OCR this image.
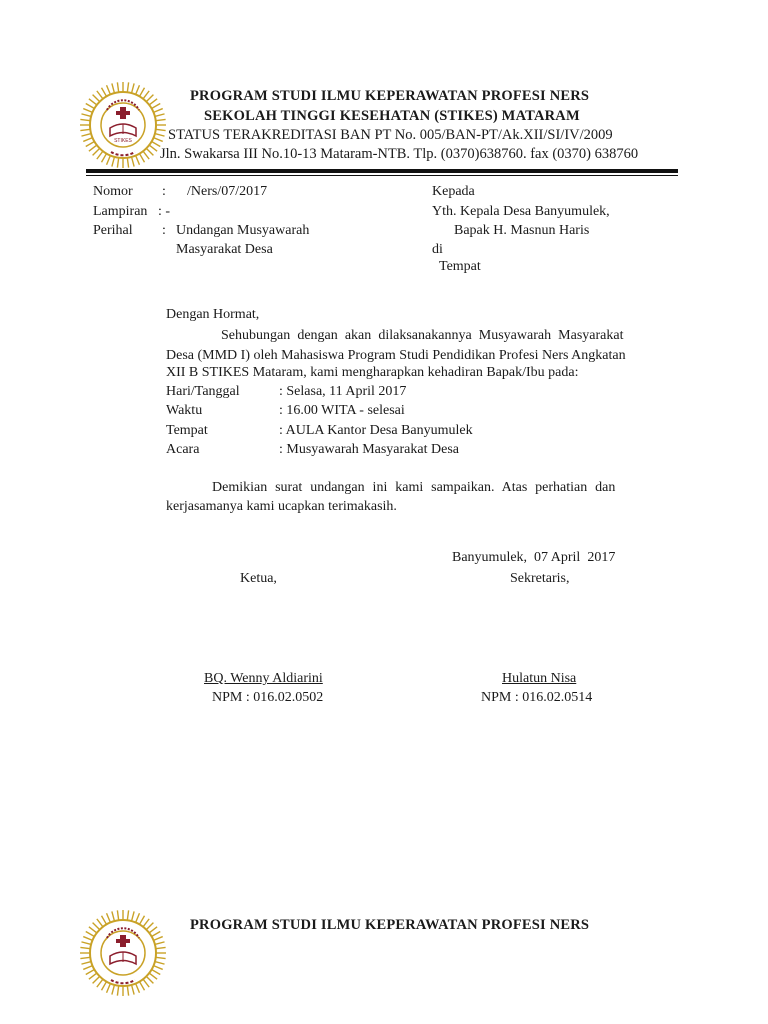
STIKES
PROGRAM STUDI ILMU KEPERAWATAN PROFESI NERS
SEKOLAH TINGGI KESEHATAN (STIKES) MATARAM
STATUS TERAKREDITASI BAN PT No. 005/BAN-PT/Ak.XII/SI/IV/2009
Jln. Swakarsa III No.10-13 Mataram-NTB. Tlp. (0370)638760. fax (0370) 638760
Nomor : /Ners/07/2017
Lampiran : -
Perihal : Undangan Musyawarah
Masyarakat Desa
Kepada
Yth. Kepala Desa Banyumulek,
Bapak H. Masnun Haris
di
Tempat
Dengan Hormat,
Sehubungan dengan akan dilaksanakannya Musyawarah Masyarakat
Desa (MMD I) oleh Mahasiswa Program Studi Pendidikan Profesi Ners Angkatan
XII B STIKES Mataram, kami mengharapkan kehadiran Bapak/Ibu pada:
Hari/Tanggal	: Selasa, 11 April 2017
Waktu	: 16.00 WITA - selesai
Tempat	: AULA Kantor Desa Banyumulek
Acara	: Musyawarah Masyarakat Desa
Demikian surat undangan ini kami sampaikan. Atas perhatian dan
kerjasamanya kami ucapkan terimakasih.
Banyumulek,  07 April  2017
Ketua,	Sekretaris,
BQ. Wenny Aldiarini
NPM : 016.02.0502
Hulatun Nisa
NPM : 016.02.0514
PROGRAM STUDI ILMU KEPERAWATAN PROFESI NERS
